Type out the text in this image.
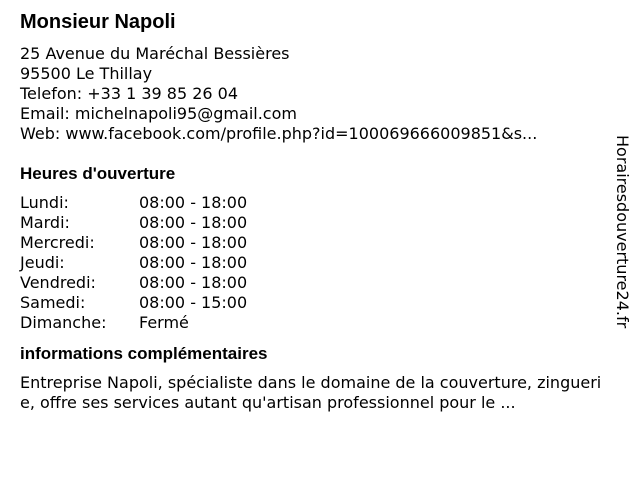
Monsieur Napoli
25 Avenue du Maréchal Bessières
95500 Le Thillay
Telefon: +33 1 39 85 26 04
Email: michelnapoli95@gmail.com
Web: www.facebook.com/profile.php?id=100069666009851&s...
Heures d'ouverture
Lundi:	08:00 - 18:00
Mardi:	08:00 - 18:00
Mercredi:	08:00 - 18:00
Jeudi:	08:00 - 18:00
Vendredi:	08:00 - 18:00
Samedi:	08:00 - 15:00
Dimanche:	Fermé
informations complémentaires
Entreprise Napoli, spécialiste dans le domaine de la couverture, zinguerie, offre ses services autant qu'artisan professionnel pour le ...
Horairesdouverture24.fr
